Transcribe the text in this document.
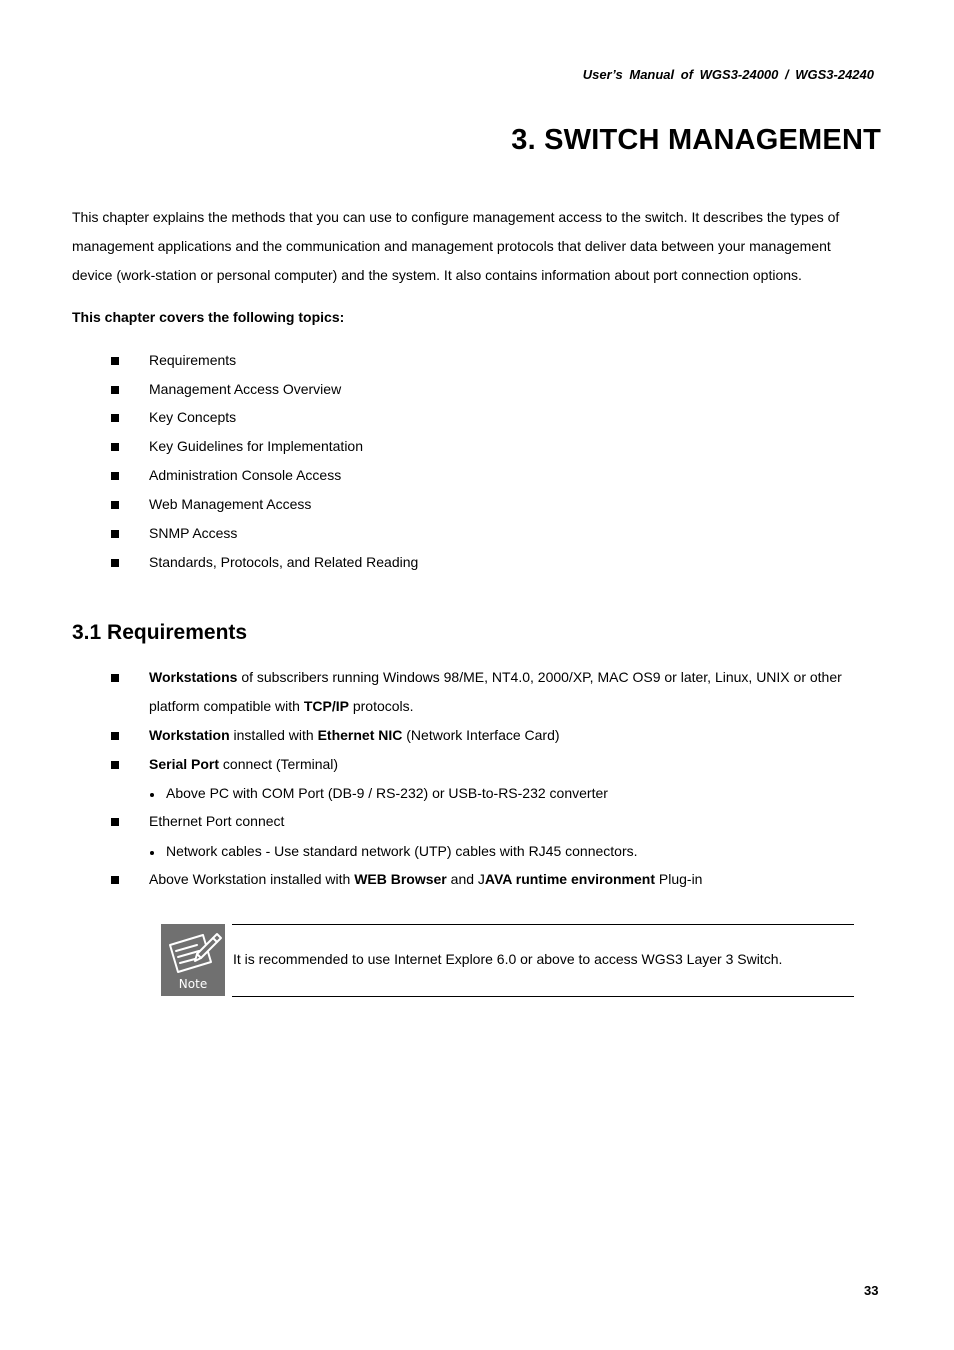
User’s Manual of WGS3-24000 / WGS3-24240
3. SWITCH MANAGEMENT

This chapter explains the methods that you can use to configure management access to the switch. It describes the types of

management applications and the communication and management protocols that deliver data between your management

device (work-station or personal computer) and the system. It also contains information about port connection options.

This chapter covers the following topics:
Requirements
Management Access Overview
Key Concepts
Key Guidelines for Implementation
Administration Console Access
Web Management Access
SNMP Access
Standards, Protocols, and Related Reading
3.1 Requirements
Workstations of subscribers running Windows 98/ME, NT4.0, 2000/XP, MAC OS9 or later, Linux, UNIX or other
platform compatible with TCP/IP protocols.
Workstation installed with Ethernet NIC (Network Interface Card)
Serial Port connect (Terminal)
Above PC with COM Port (DB-9 / RS-232) or USB-to-RS-232 converter
Ethernet Port connect
Network cables - Use standard network (UTP) cables with RJ45 connectors.
Above Workstation installed with WEB Browser and JAVA runtime environment Plug-in
Note
It is recommended to use Internet Explore 6.0 or above to access WGS3 Layer 3 Switch.
33
